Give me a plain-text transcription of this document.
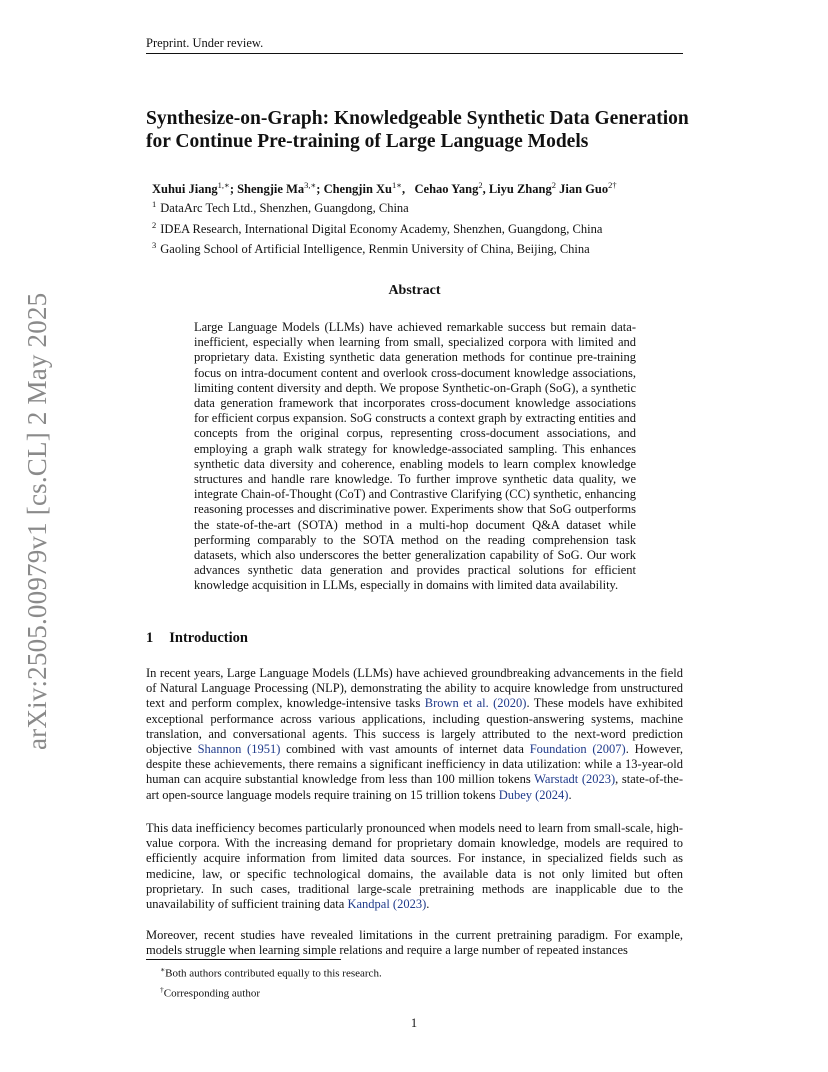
Preprint. Under review.
arXiv:2505.00979v1 [cs.CL] 2 May 2025
Synthesize-on-Graph: Knowledgeable Synthetic Data Generation for Continue Pre-training of Large Language Models
Xuhui Jiang$^{1,∗}$; Shengjie $Ma^{3,∗}$; Chengjin $Xu^{1∗}$,   Cehao Yang$^2$, Liyu Zhang$^2$ Jian Guo$^{2\dagger}$
$^1$ DataArc Tech Ltd., Shenzhen, Guangdong, China
$^2$ IDEA Research, International Digital Economy Academy, Shenzhen, Guangdong, China
$^3$ Gaoling School of Artificial Intelligence, Renmin University of China, Beijing, China
Abstract

Large Language Models (LLMs) have achieved remarkable success but remain data-inefficient, especially when learning from small, specialized corpora with limited and proprietary data. Existing synthetic data generation methods for continue pre-training focus on intra-document content and overlook cross-document knowledge associations, limiting content diversity and depth. We propose Synthetic-on-Graph (SoG), a synthetic data generation framework that incorporates cross-document knowledge associations for efficient corpus expansion. SoG constructs a context graph by extracting entities and concepts from the original corpus, representing cross-document associations, and employing a graph walk strategy for knowledge-associated sampling. This enhances synthetic data diversity and coherence, enabling models to learn complex knowledge structures and handle rare knowledge. To further improve synthetic data quality, we integrate Chain-of-Thought (CoT) and Contrastive Clarifying (CC) synthetic, enhancing reasoning processes and discriminative power. Experiments show that SoG outperforms the state-of-the-art (SOTA) method in a multi-hop document Q&A dataset while performing comparably to the SOTA method on the reading comprehension task datasets, which also underscores the better generalization capability of SoG. Our work advances synthetic data generation and provides practical solutions for efficient knowledge acquisition in LLMs, especially in domains with limited data availability.

1 Introduction

In recent years, Large Language Models (LLMs) have achieved groundbreaking advancements in the field of Natural Language Processing (NLP), demonstrating the ability to acquire knowledge from unstructured text and perform complex, knowledge-intensive tasks Brown et al. (2020). These models have exhibited exceptional performance across various applications, including question-answering systems, machine translation, and conversational agents. This success is largely attributed to the next-word prediction objective Shannon (1951) combined with vast amounts of internet data Foundation (2007). However, despite these achievements, there remains a significant inefficiency in data utilization: while a 13-year-old human can acquire substantial knowledge from less than 100 million tokens Warstadt (2023), state-of-the-art open-source language models require training on 15 trillion tokens Dubey (2024).

This data inefficiency becomes particularly pronounced when models need to learn from small-scale, high-value corpora. With the increasing demand for proprietary domain knowledge, models are required to efficiently acquire information from limited data sources. For instance, in specialized fields such as medicine, law, or specific technological domains, the available data is not only limited but often proprietary. In such cases, traditional large-scale pretraining methods are inapplicable due to the unavailability of sufficient training data Kandpal (2023).

Moreover, recent studies have revealed limitations in the current pretraining paradigm. For example, models struggle when learning simple relations and require a large number of repeated instances

∗Both authors contributed equally to this research.
†Corresponding author
1
